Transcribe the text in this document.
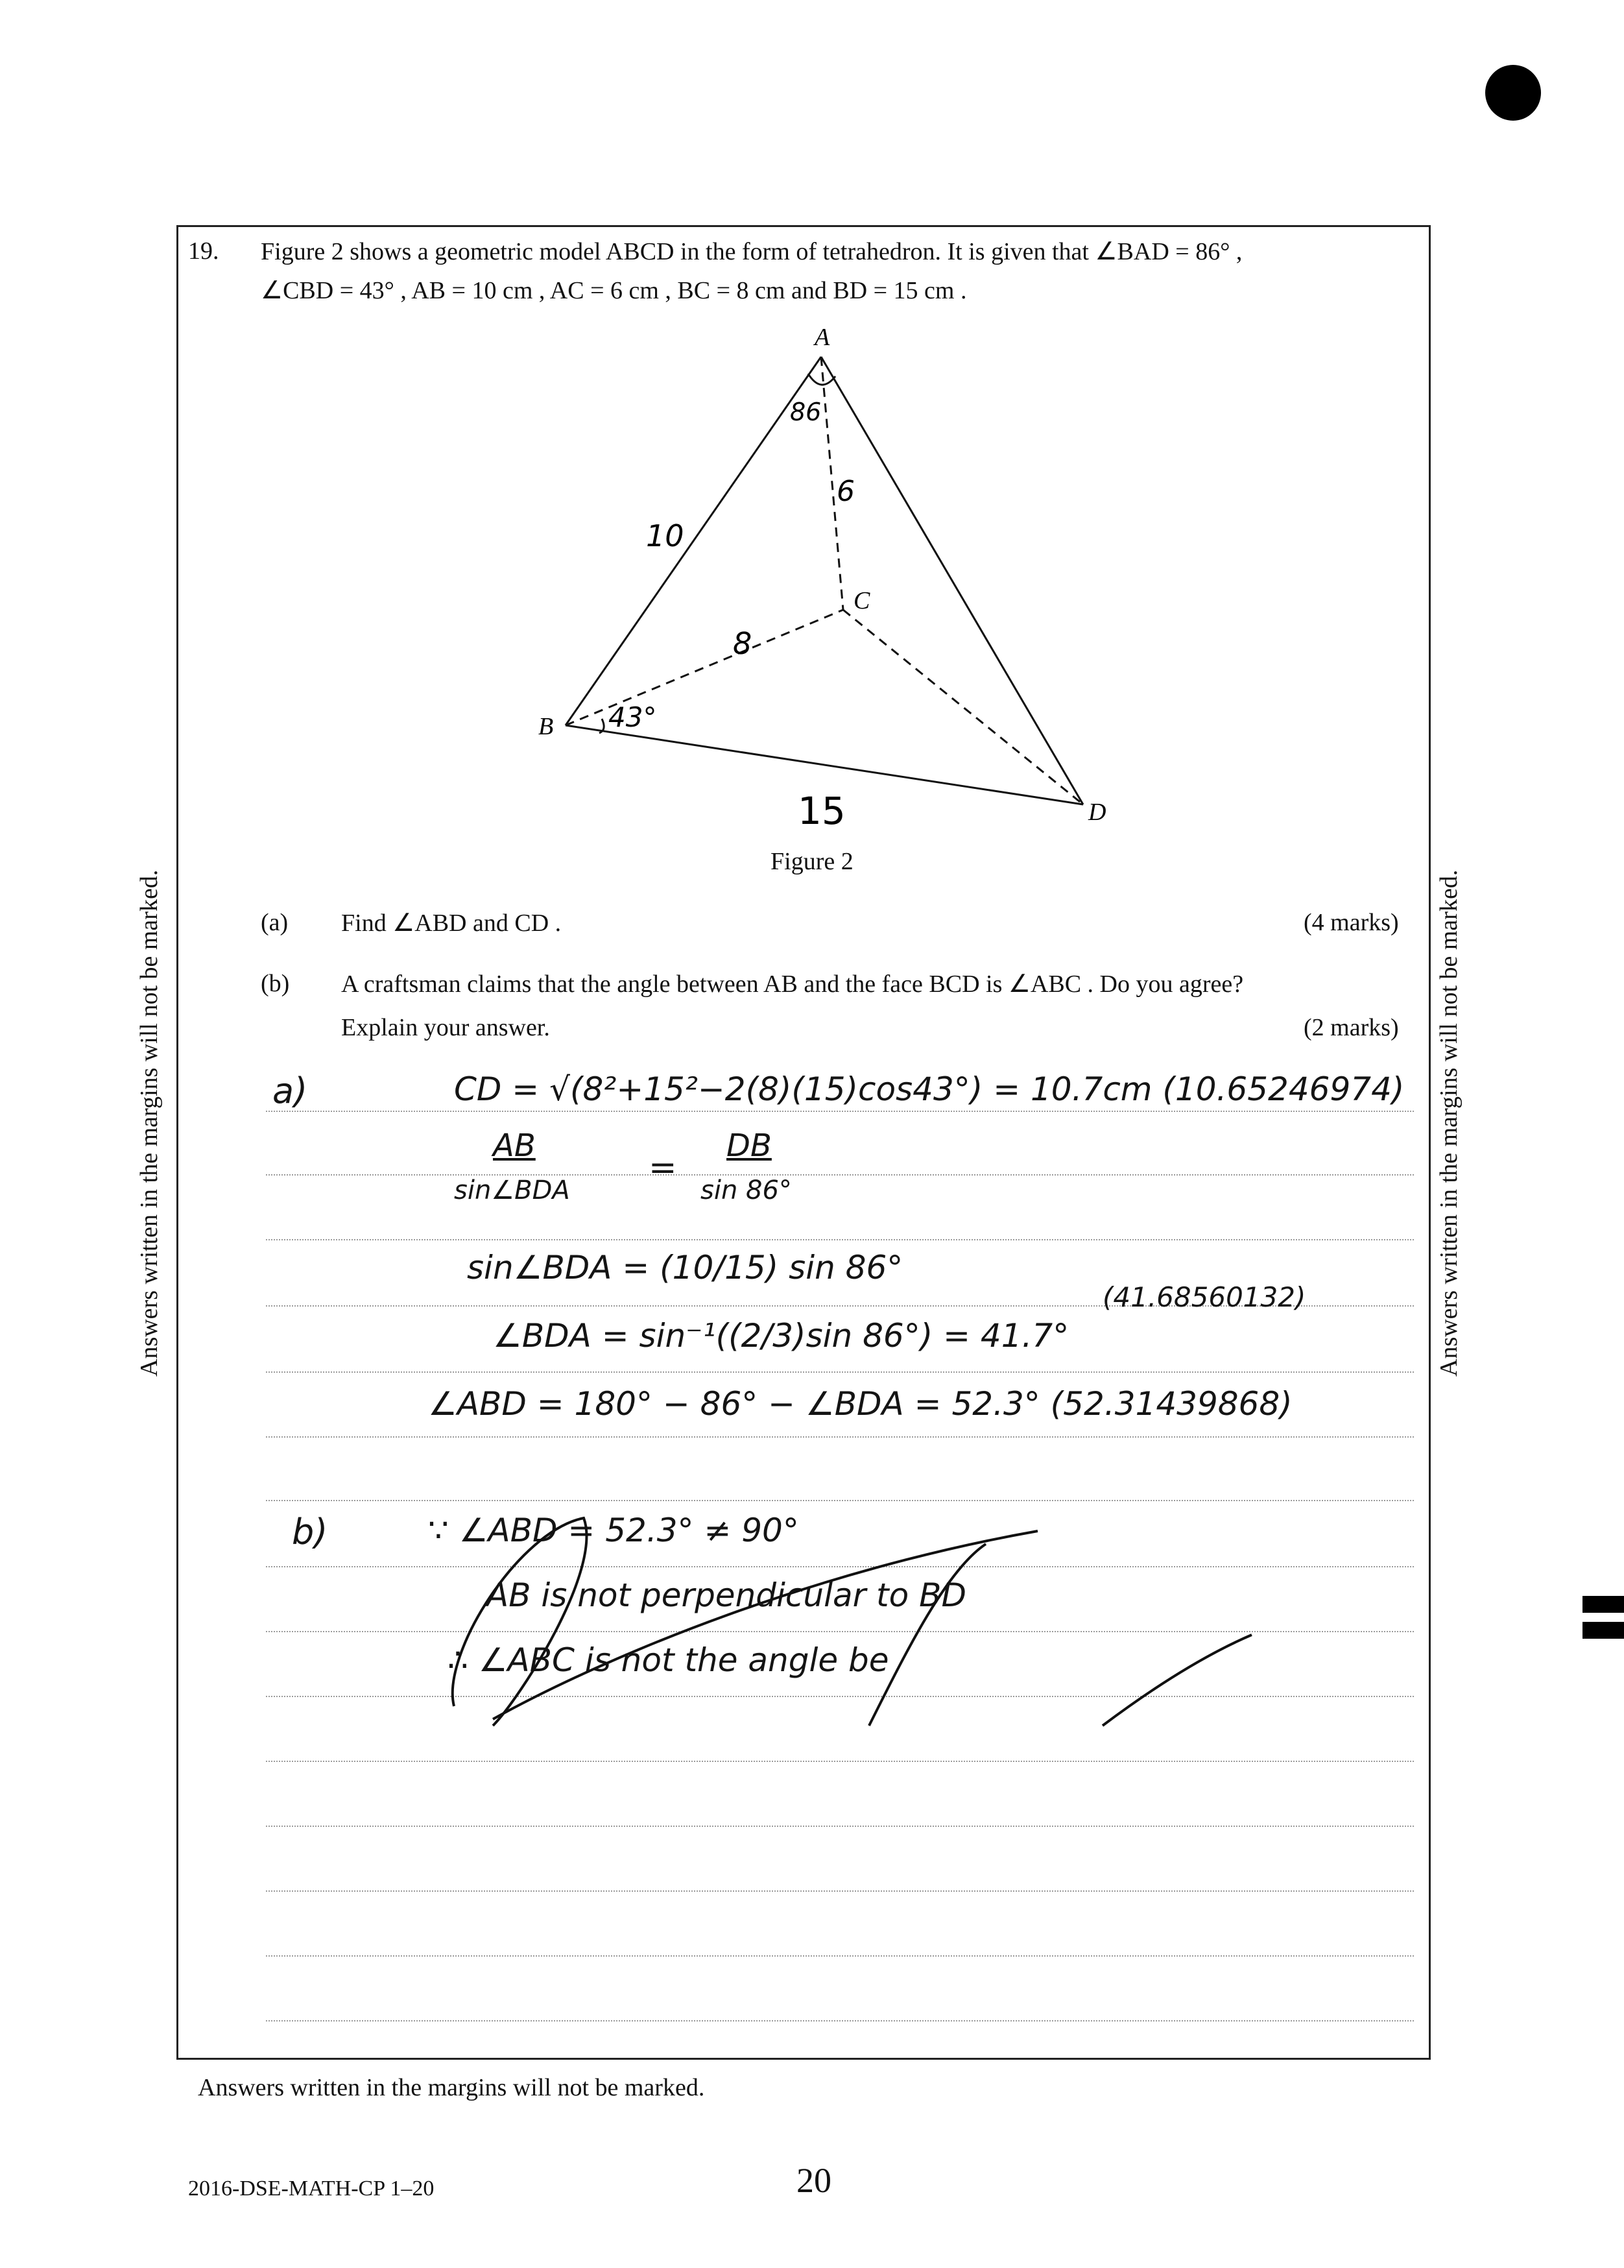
19. Figure 2 shows a geometric model ABCD in the form of tetrahedron. It is given that ∠BAD = 86° ,
∠CBD = 43° , AB = 10 cm , AC = 6 cm , BC = 8 cm and BD = 15 cm .
A
B
C
D
86
6
10
8
43°
15
Figure 2
(a) Find ∠ABD and CD .	(4 marks)
(b) A craftsman claims that the angle between AB and the face BCD is ∠ABC . Do you agree?
Explain your answer.	(2 marks)
a)	CD = √(8²+15²−2(8)(15)cos43°) = 10.7cm (10.65246974)
AB
sin∠BDA
=
DB
sin 86°
sin∠BDA = (10/15) sin 86°
(41.68560132)
∠BDA = sin⁻¹((2/3)sin 86°) = 41.7°
∠ABD = 180° − 86° − ∠BDA = 52.3° (52.31439868)
b)	∵ ∠ABD = 52.3° ≠ 90°
AB is not perpendicular to BD
∴ ∠ABC is not the angle be
Answers written in the margins will not be marked.	Answers written in the margins will not be marked.
Answers written in the margins will not be marked.
2016-DSE-MATH-CP 1–20	20
